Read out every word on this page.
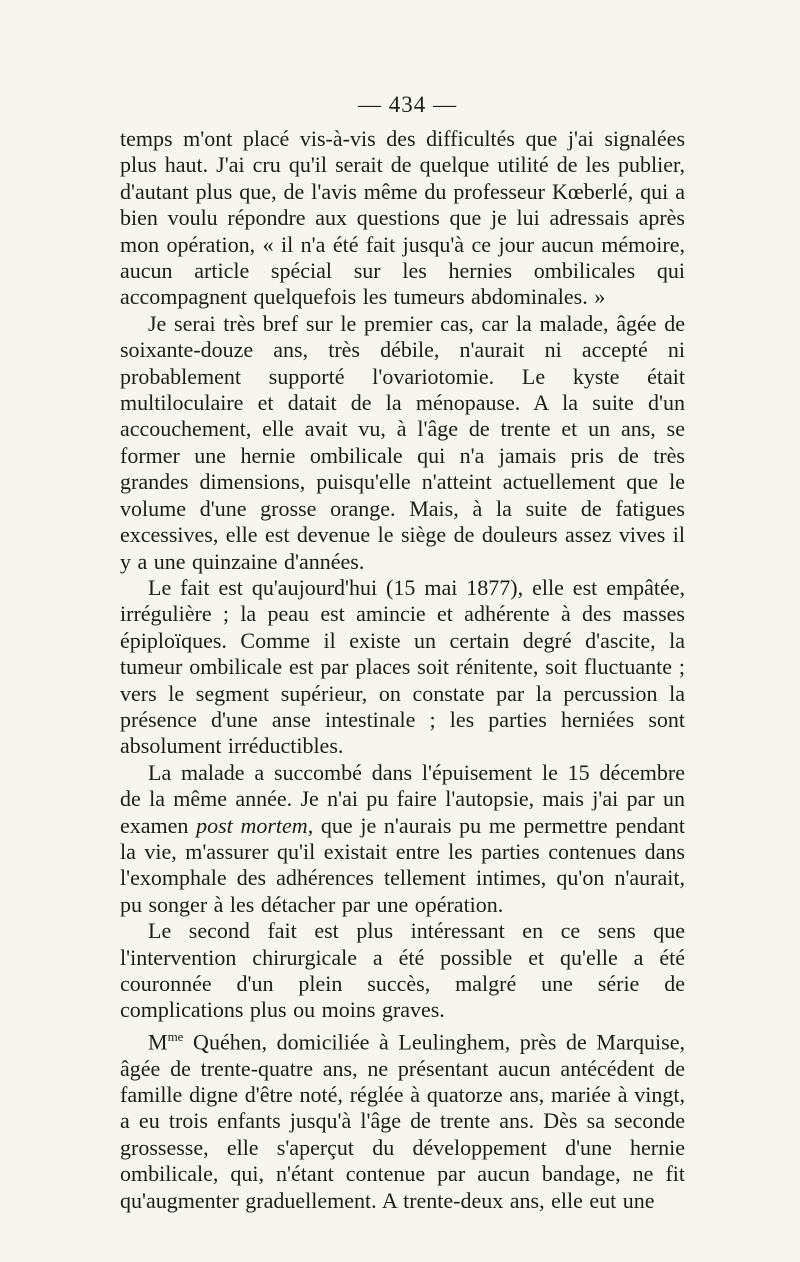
— 434 —

temps m'ont placé vis-à-vis des difficultés que j'ai signalées plus haut. J'ai cru qu'il serait de quelque utilité de les publier, d'autant plus que, de l'avis même du professeur Kœberlé, qui a bien voulu répondre aux questions que je lui adressais après mon opération, « il n'a été fait jusqu'à ce jour aucun mémoire, aucun article spécial sur les hernies ombilicales qui accompagnent quelquefois les tumeurs abdominales. »

Je serai très bref sur le premier cas, car la malade, âgée de soixante-douze ans, très débile, n'aurait ni accepté ni probablement supporté l'ovariotomie. Le kyste était multiloculaire et datait de la ménopause. A la suite d'un accouchement, elle avait vu, à l'âge de trente et un ans, se former une hernie ombilicale qui n'a jamais pris de très grandes dimensions, puisqu'elle n'atteint actuellement que le volume d'une grosse orange. Mais, à la suite de fatigues excessives, elle est devenue le siège de douleurs assez vives il y a une quinzaine d'années.

Le fait est qu'aujourd'hui (15 mai 1877), elle est empâtée, irrégulière ; la peau est amincie et adhérente à des masses épiploïques. Comme il existe un certain degré d'ascite, la tumeur ombilicale est par places soit rénitente, soit fluctuante ; vers le segment supérieur, on constate par la percussion la présence d'une anse intestinale ; les parties herniées sont absolument irréductibles.

La malade a succombé dans l'épuisement le 15 décembre de la même année. Je n'ai pu faire l'autopsie, mais j'ai par un examen post mortem, que je n'aurais pu me permettre pendant la vie, m'assurer qu'il existait entre les parties contenues dans l'exomphale des adhérences tellement intimes, qu'on n'aurait, pu songer à les détacher par une opération.

Le second fait est plus intéressant en ce sens que l'intervention chirurgicale a été possible et qu'elle a été couronnée d'un plein succès, malgré une série de complications plus ou moins graves.

$M^{me}$ Quéhen, domiciliée à Leulinghem, près de Marquise, âgée de trente-quatre ans, ne présentant aucun antécédent de famille digne d'être noté, réglée à quatorze ans, mariée à vingt, a eu trois enfants jusqu'à l'âge de trente ans. Dès sa seconde grossesse, elle s'aperçut du développement d'une hernie ombilicale, qui, n'étant contenue par aucun bandage, ne fit qu'augmenter graduellement. A trente-deux ans, elle eut une
